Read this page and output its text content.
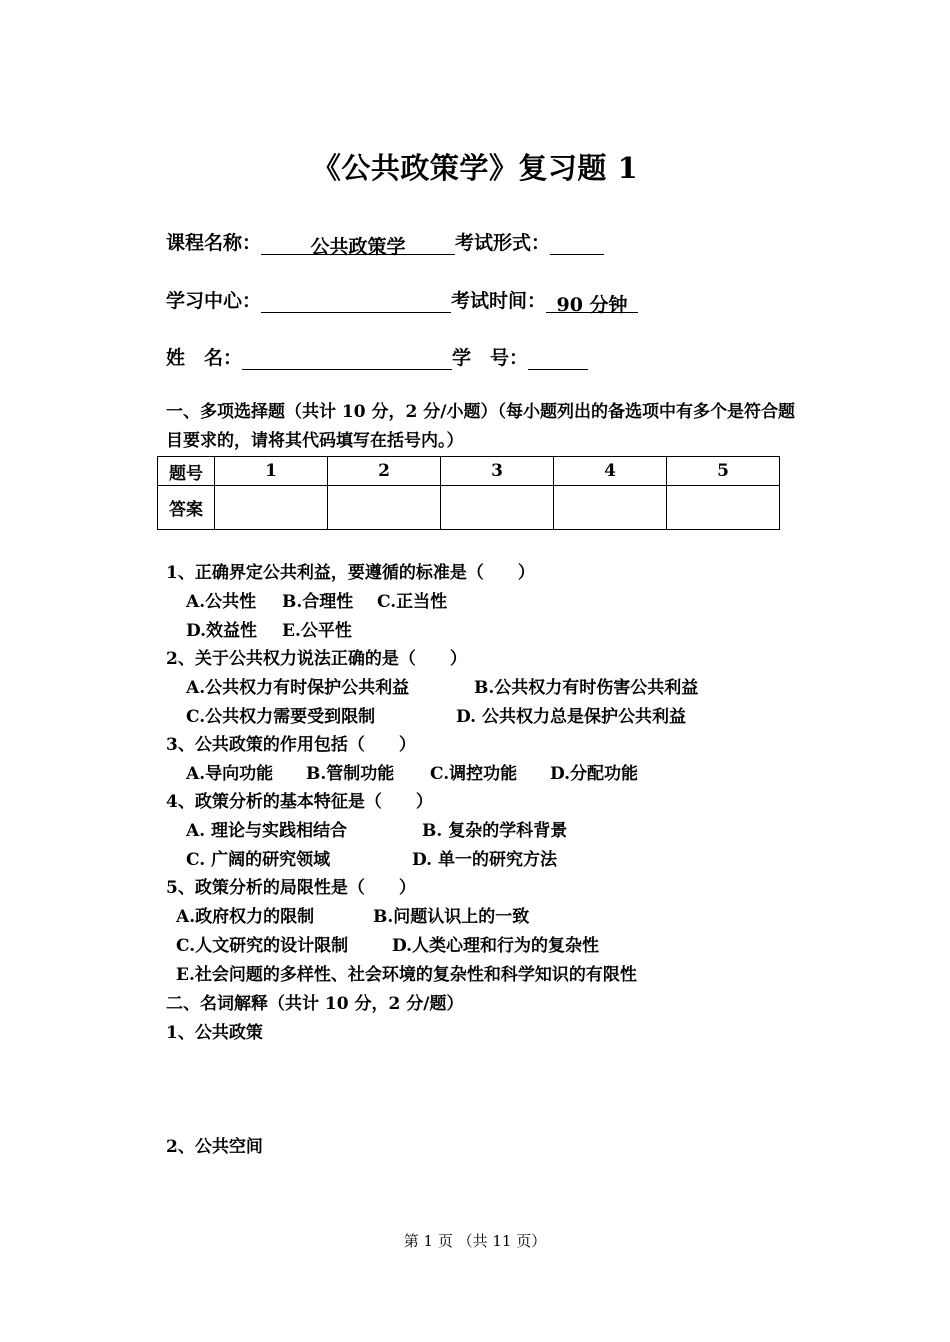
《公共政策学》复习题 1
课程名称：	公共政策学	考试形式：
学习中心：	考试时间： 90 分钟
姓　名：	学　号：
一、多项选择题（共计 10 分，2 分/小题）（每小题列出的备选项中有多个是符合题目要求的，请将其代码填写在括号内。）
题号	1	2	3	4	5
答案					
1、正确界定公共利益，要遵循的标准是（　　）
A.公共性 B.合理性 C.正当性
D.效益性 E.公平性
2、关于公共权力说法正确的是（　　）
A.公共权力有时保护公共利益	B.公共权力有时伤害公共利益
C.公共权力需要受到限制	D. 公共权力总是保护公共利益
3、公共政策的作用包括（　　）
A.导向功能 B.管制功能 C.调控功能 D.分配功能
4、政策分析的基本特征是（　　）
A. 理论与实践相结合	B. 复杂的学科背景
C. 广阔的研究领域	D. 单一的研究方法
5、政策分析的局限性是（　　）
A.政府权力的限制	B.问题认识上的一致
C.人文研究的设计限制	D.人类心理和行为的复杂性
E.社会问题的多样性、社会环境的复杂性和科学知识的有限性
二、名词解释（共计 10 分，2 分/题）
1、公共政策
2、公共空间
第 1 页 （共 11 页）
